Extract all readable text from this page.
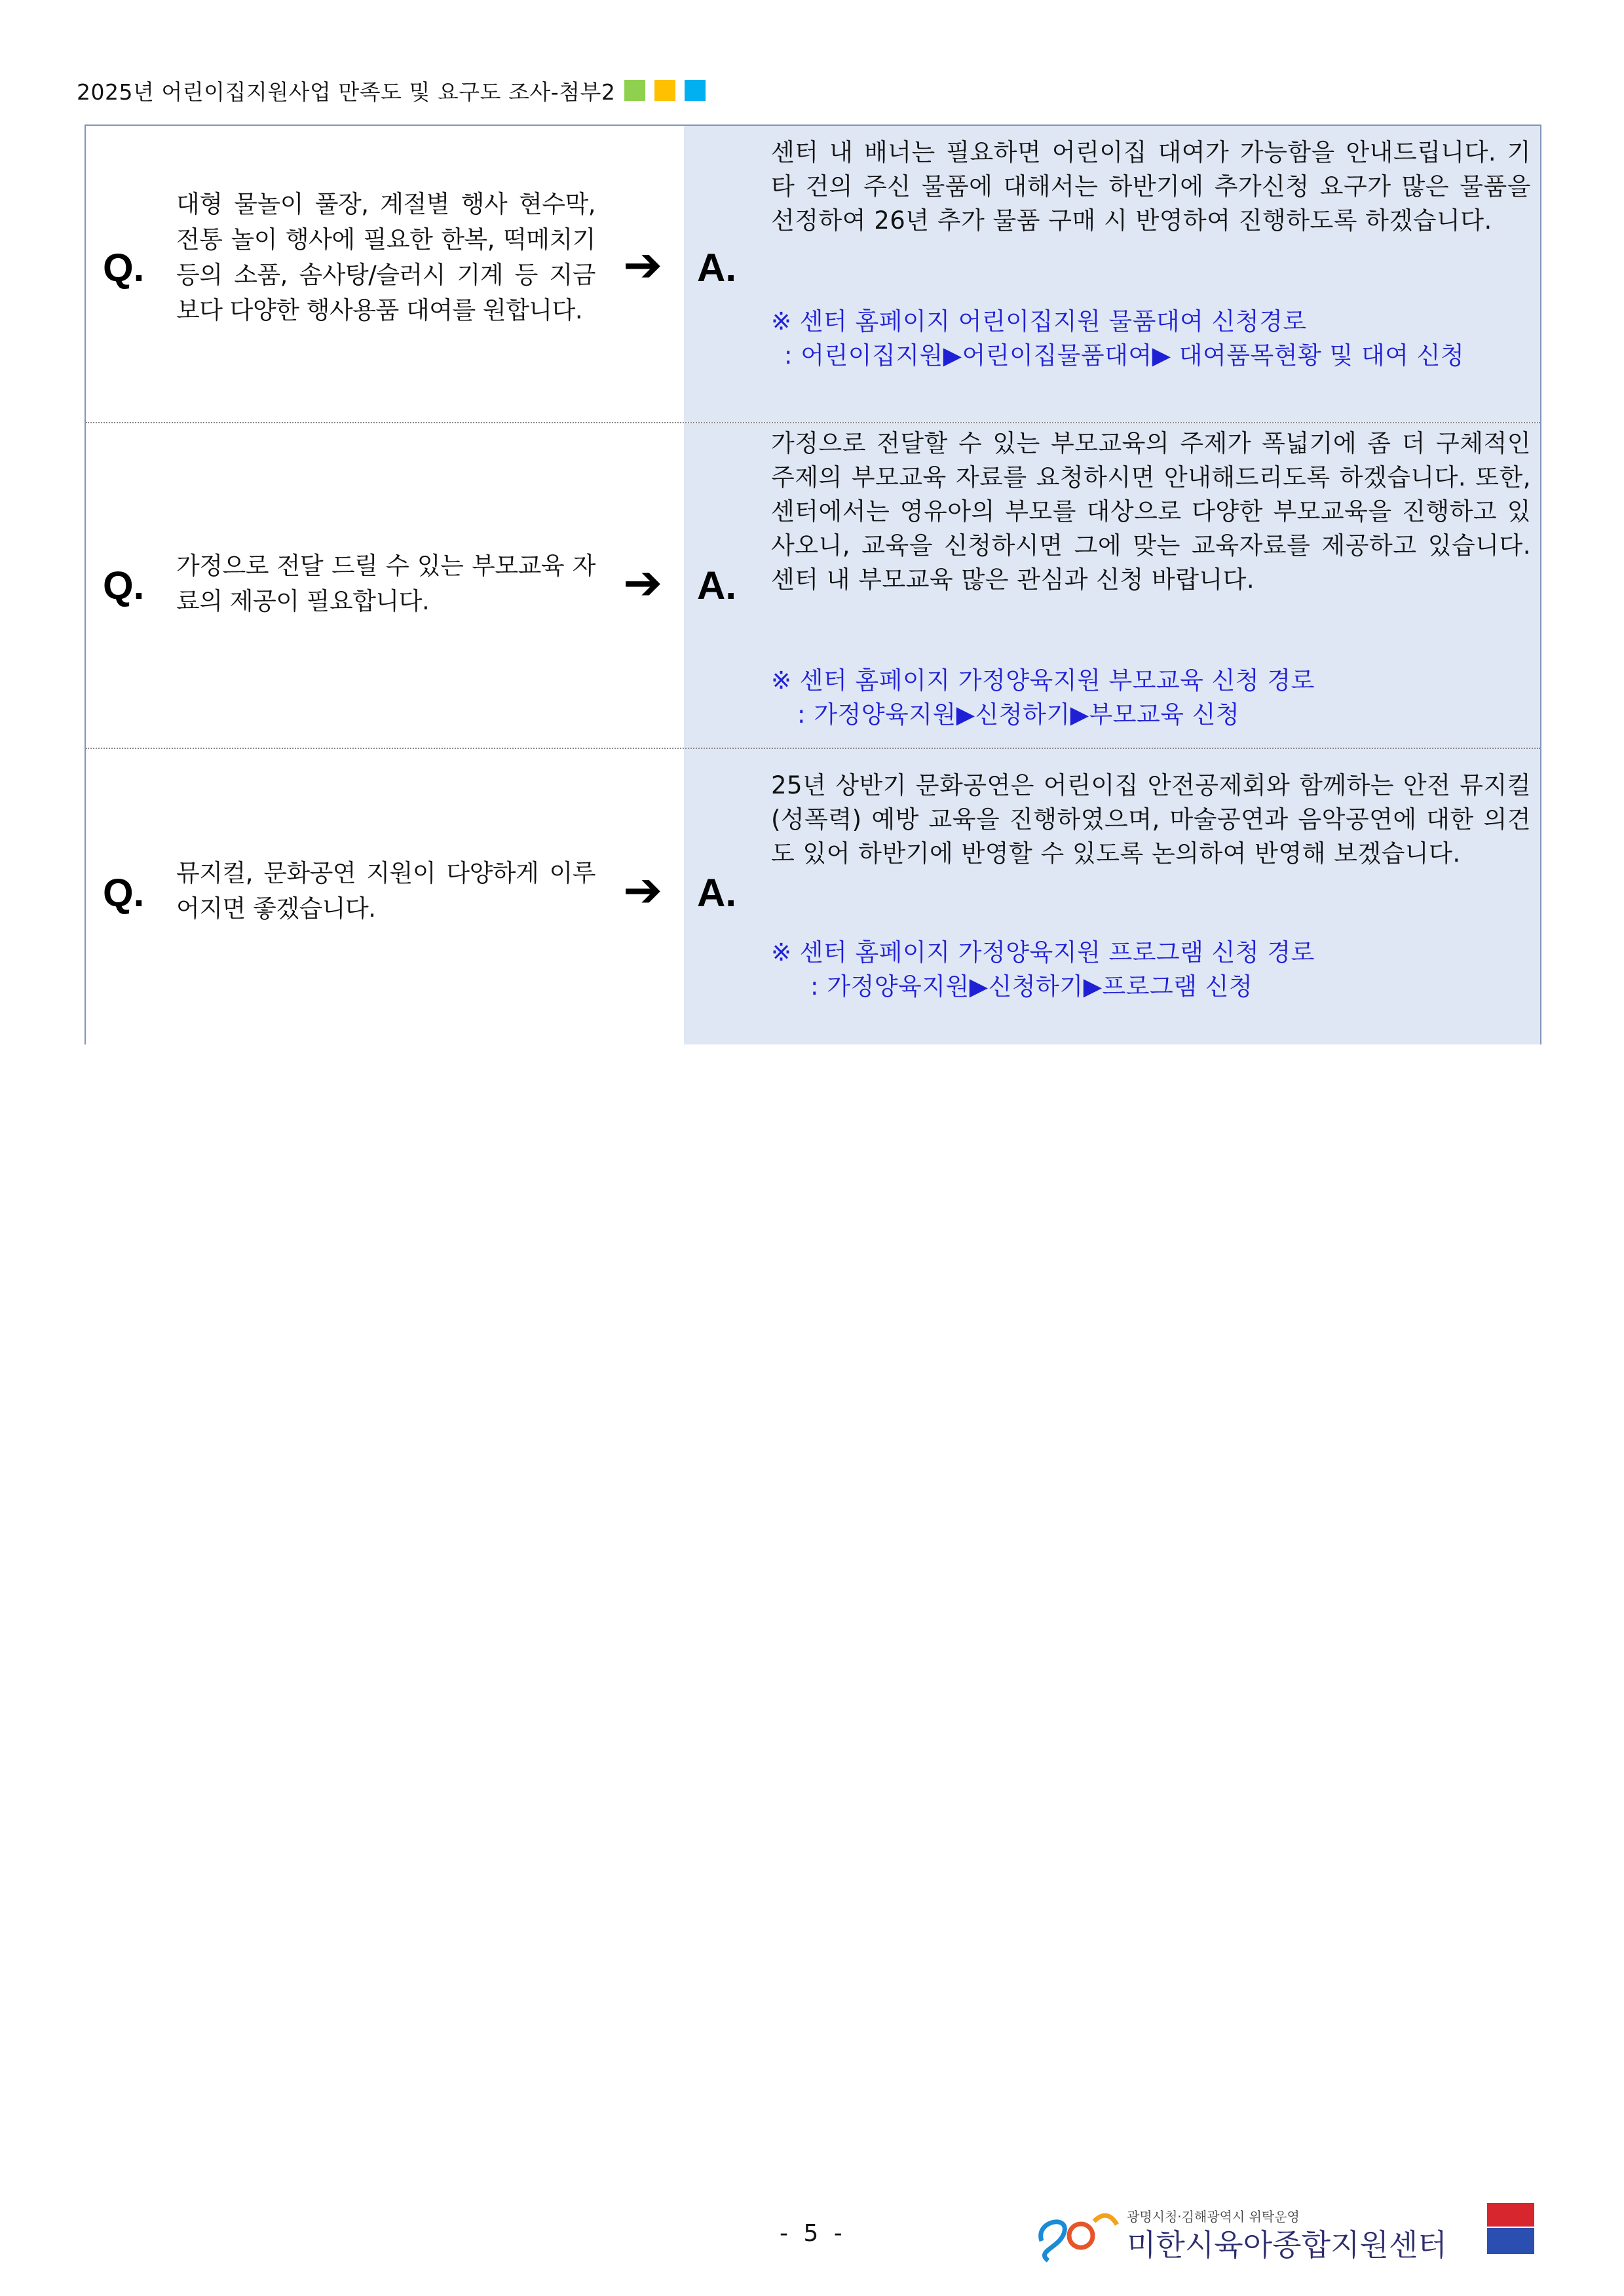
2025년 어린이집지원사업 만족도 및 요구도 조사-첨부2
Q.
대형 물놀이 풀장, 계절별 행사 현수막, 전통 놀이 행사에 필요한 한복, 떡메치기 등의 소품, 솜사탕/슬러시 기계 등 지금보다 다양한 행사용품 대여를 원합니다.
➔ A.
센터 내 배너는 필요하면 어린이집 대여가 가능함을 안내드립니다. 기타 건의 주신 물품에 대해서는 하반기에 추가신청 요구가 많은 물품을 선정하여 26년 추가 물품 구매 시 반영하여 진행하도록 하겠습니다.
※ 센터 홈페이지 어린이집지원 물품대여 신청경로
: 어린이집지원▶어린이집물품대여▶ 대여품목현황 및 대여 신청
Q. 가정으로 전달 드릴 수 있는 부모교육 자료의 제공이 필요합니다.	➔ A.
가정으로 전달할 수 있는 부모교육의 주제가 폭넓기에 좀 더 구체적인 주제의 부모교육 자료를 요청하시면 안내해드리도록 하겠습니다. 또한, 센터에서는 영유아의 부모를 대상으로 다양한 부모교육을 진행하고 있사오니, 교육을 신청하시면 그에 맞는 교육자료를 제공하고 있습니다. 센터 내 부모교육 많은 관심과 신청 바랍니다.
※ 센터 홈페이지 가정양육지원 부모교육 신청 경로
: 가정양육지원▶신청하기▶부모교육 신청
Q. 뮤지컬, 문화공연 지원이 다양하게 이루어지면 좋겠습니다.	➔ A.
25년 상반기 문화공연은 어린이집 안전공제회와 함께하는 안전 뮤지컬(성폭력) 예방 교육을 진행하였으며, 마술공연과 음악공연에 대한 의견도 있어 하반기에 반영할 수 있도록 논의하여 반영해 보겠습니다.
※ 센터 홈페이지 가정양육지원 프로그램 신청 경로
: 가정양육지원▶신청하기▶프로그램 신청
- 5 -
광명시청·김해광역시 위탁운영
미한시육아종합지원센터
